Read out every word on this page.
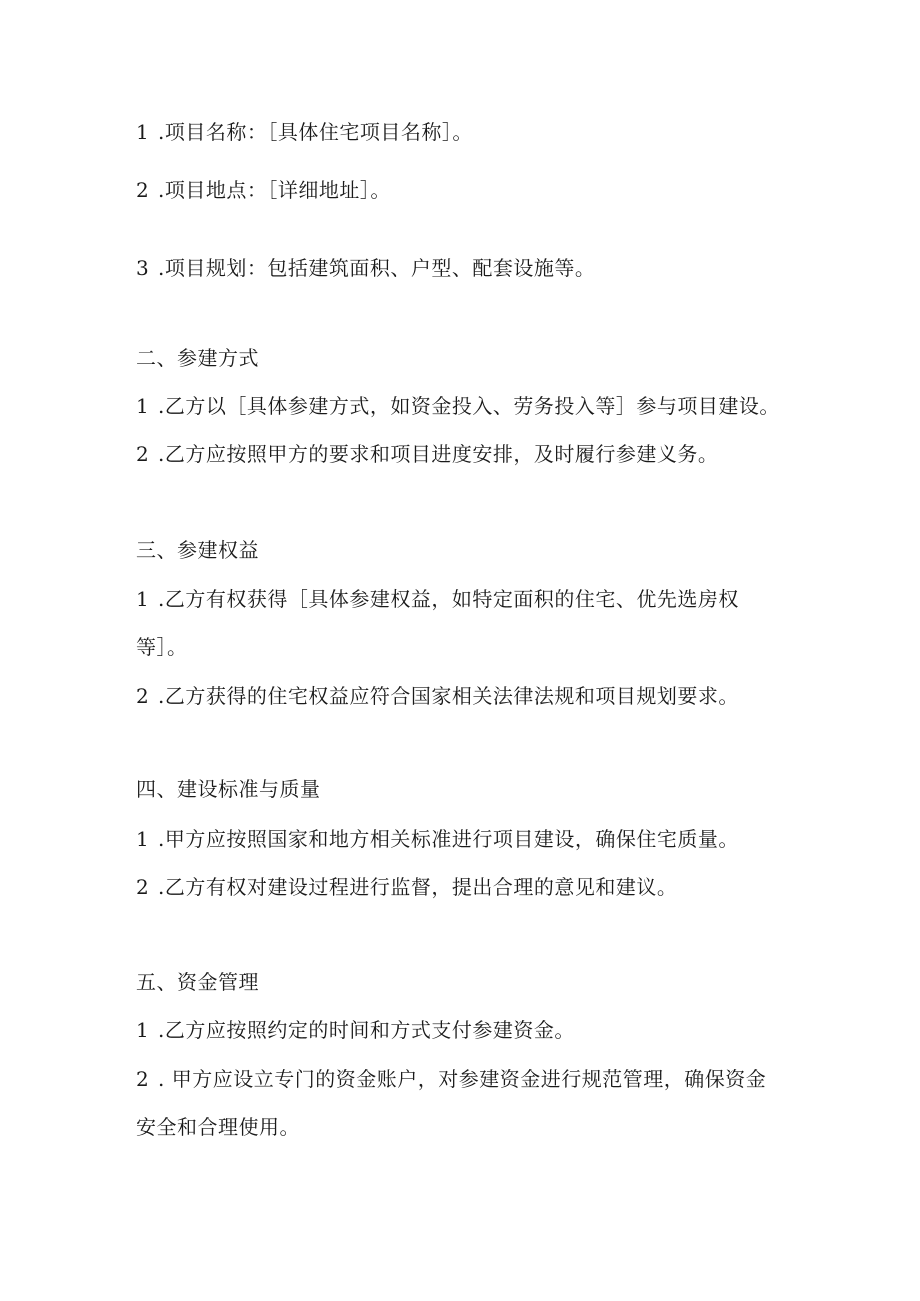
1 .项目名称：［具体住宅项目名称］。
2 .项目地点：［详细地址］。
3 .项目规划：包括建筑面积、户型、配套设施等。
二、参建方式
1 .乙方以［具体参建方式，如资金投入、劳务投入等］参与项目建设。
2 .乙方应按照甲方的要求和项目进度安排，及时履行参建义务。
三、参建权益
1 .乙方有权获得［具体参建权益，如特定面积的住宅、优先选房权
等］。
2 .乙方获得的住宅权益应符合国家相关法律法规和项目规划要求。
四、建设标准与质量
1 .甲方应按照国家和地方相关标准进行项目建设，确保住宅质量。
2 .乙方有权对建设过程进行监督，提出合理的意见和建议。
五、资金管理
1 .乙方应按照约定的时间和方式支付参建资金。
2 . 甲方应设立专门的资金账户，对参建资金进行规范管理，确保资金
安全和合理使用。
